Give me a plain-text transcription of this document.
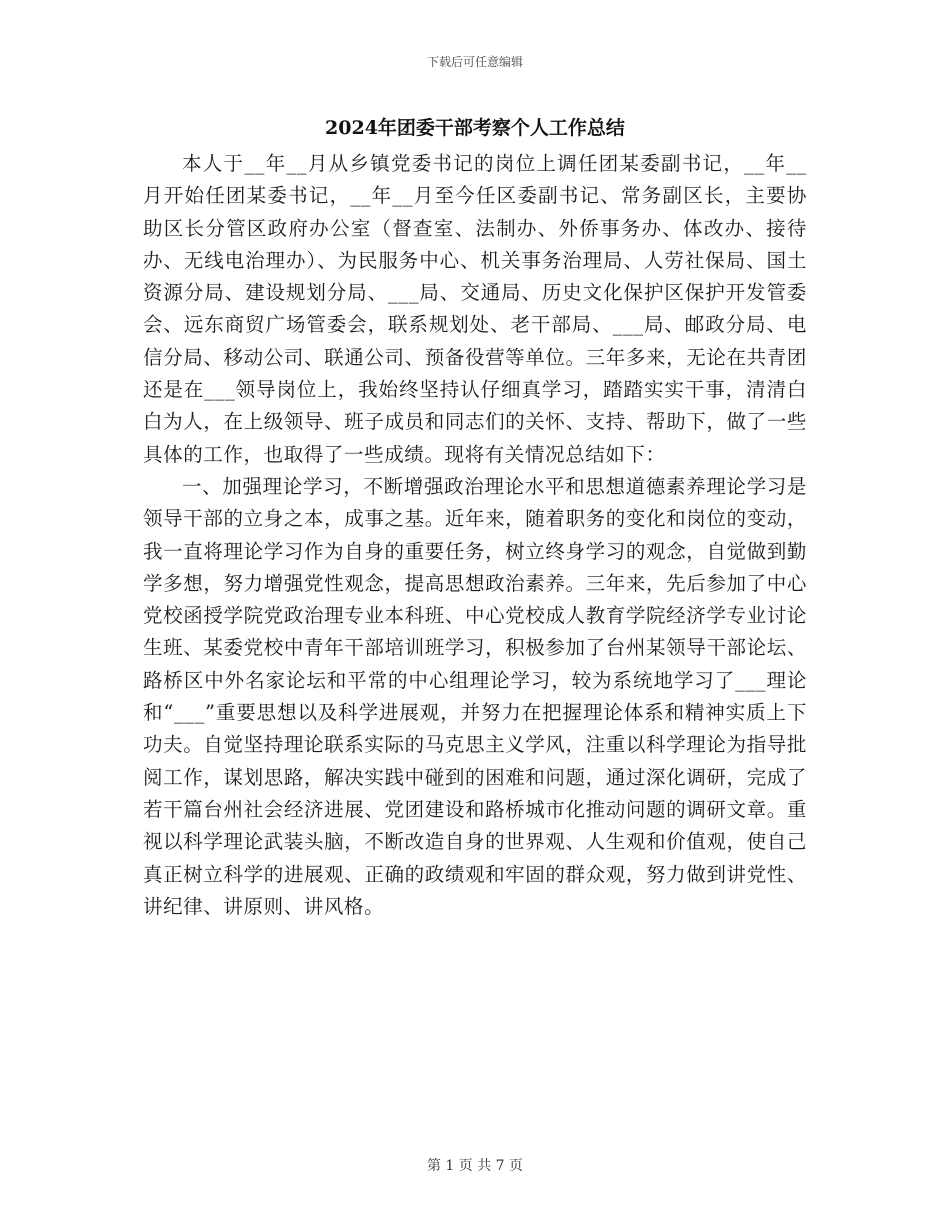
下载后可任意编辑
2024年团委干部考察个人工作总结

本人于__年__月从乡镇党委书记的岗位上调任团某委副书记，__年__月开始任团某委书记，__年__月至今任区委副书记、常务副区长，主要协助区长分管区政府办公室（督查室、法制办、外侨事务办、体改办、接待办、无线电治理办）、为民服务中心、机关事务治理局、人劳社保局、国土资源分局、建设规划分局、___局、交通局、历史文化保护区保护开发管委会、远东商贸广场管委会，联系规划处、老干部局、___局、邮政分局、电信分局、移动公司、联通公司、预备役营等单位。三年多来，无论在共青团还是在___领导岗位上，我始终坚持认仔细真学习，踏踏实实干事，清清白白为人，在上级领导、班子成员和同志们的关怀、支持、帮助下，做了一些具体的工作，也取得了一些成绩。现将有关情况总结如下：

一、加强理论学习，不断增强政治理论水平和思想道德素养理论学习是领导干部的立身之本，成事之基。近年来，随着职务的变化和岗位的变动，我一直将理论学习作为自身的重要任务，树立终身学习的观念，自觉做到勤学多想，努力增强党性观念，提高思想政治素养。三年来，先后参加了中心党校函授学院党政治理专业本科班、中心党校成人教育学院经济学专业讨论生班、某委党校中青年干部培训班学习，积极参加了台州某领导干部论坛、路桥区中外名家论坛和平常的中心组理论学习，较为系统地学习了___理论和“___”重要思想以及科学进展观，并努力在把握理论体系和精神实质上下功夫。自觉坚持理论联系实际的马克思主义学风，注重以科学理论为指导批阅工作，谋划思路，解决实践中碰到的困难和问题，通过深化调研，完成了若干篇台州社会经济进展、党团建设和路桥城市化推动问题的调研文章。重视以科学理论武装头脑，不断改造自身的世界观、人生观和价值观，使自己真正树立科学的进展观、正确的政绩观和牢固的群众观，努力做到讲党性、讲纪律、讲原则、讲风格。

第 1 页 共 7 页
